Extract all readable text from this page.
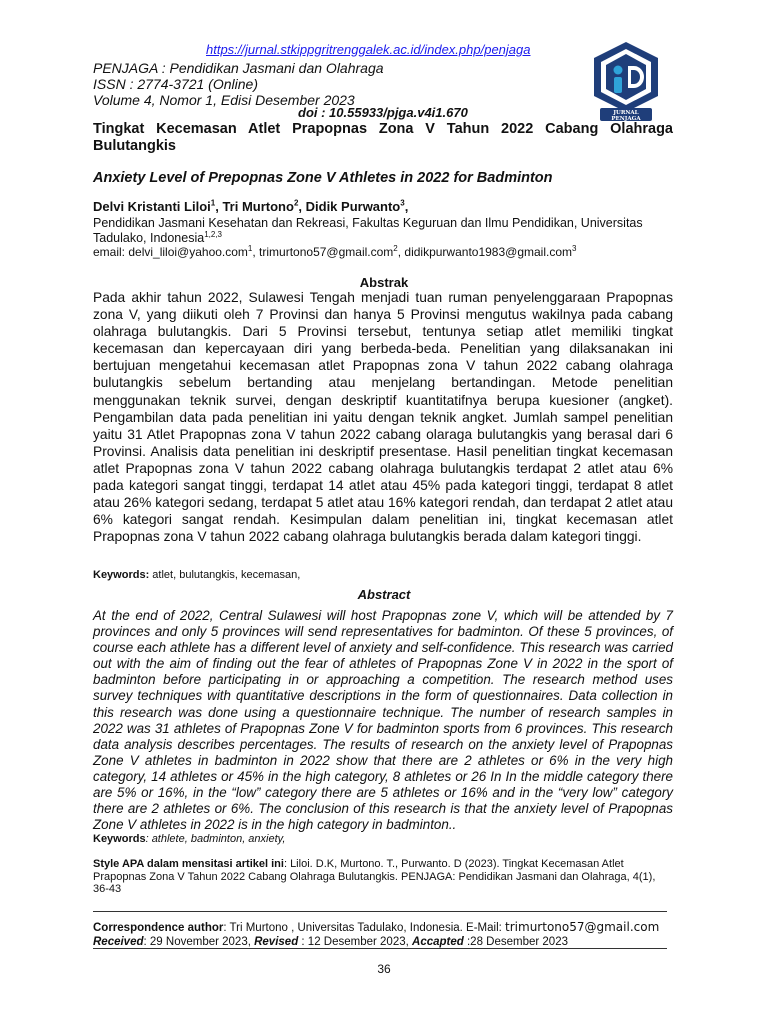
https://jurnal.stkippgritrenggalek.ac.id/index.php/penjaga
PENJAGA : Pendidikan Jasmani dan Olahraga
ISSN : 2774-3721 (Online)
Volume 4, Nomor 1, Edisi Desember 2023
doi : 10.55933/pjga.v4i1.670	JURNAL
PENJAGA
Tingkat Kecemasan Atlet Prapopnas Zona V Tahun 2022 Cabang Olahraga Bulutangkis
Anxiety Level of Prepopnas Zone V Athletes in 2022 for Badminton
Delvi Kristanti Liloi$^1$, Tri Murtono$^2$, Didik Purwanto$^3$,
Pendidikan Jasmani Kesehatan dan Rekreasi, Fakultas Keguruan dan Ilmu Pendidikan, Universitas Tadulako, Indonesia$^{1,2,3}$
email: delvi_liloi@yahoo.com$^1$, trimurtono57@gmail.com$^2$, didikpurwanto1983@gmail.com$^3$
Abstrak
Pada akhir tahun 2022, Sulawesi Tengah menjadi tuan ruman penyelenggaraan Prapopnas zona V, yang diikuti oleh 7 Provinsi dan hanya 5 Provinsi mengutus wakilnya pada cabang olahraga bulutangkis. Dari 5 Provinsi tersebut, tentunya setiap atlet memiliki tingkat kecemasan dan kepercayaan diri yang berbeda-beda. Penelitian yang dilaksanakan ini bertujuan mengetahui kecemasan atlet Prapopnas zona V tahun 2022 cabang olahraga bulutangkis sebelum bertanding atau menjelang bertandingan. Metode penelitian menggunakan teknik survei, dengan deskriptif kuantitatifnya berupa kuesioner (angket). Pengambilan data pada penelitian ini yaitu dengan teknik angket. Jumlah sampel penelitian yaitu 31 Atlet Prapopnas zona V tahun 2022 cabang olaraga bulutangkis yang berasal dari 6 Provinsi. Analisis data penelitian ini deskriptif presentase. Hasil penelitian tingkat kecemasan atlet Prapopnas zona V tahun 2022 cabang olahraga bulutangkis terdapat 2 atlet atau 6% pada kategori sangat tinggi, terdapat 14 atlet atau 45% pada kategori tinggi, terdapat 8 atlet atau 26% kategori sedang, terdapat 5 atlet atau 16% kategori rendah, dan terdapat 2 atlet atau 6% kategori sangat rendah. Kesimpulan dalam penelitian ini, tingkat kecemasan atlet Prapopnas zona V tahun 2022 cabang olahraga bulutangkis berada dalam kategori tinggi.
Keywords: atlet, bulutangkis, kecemasan,
Abstract
At the end of 2022, Central Sulawesi will host Prapopnas zone V, which will be attended by 7 provinces and only 5 provinces will send representatives for badminton. Of these 5 provinces, of course each athlete has a different level of anxiety and self-confidence. This research was carried out with the aim of finding out the fear of athletes of Prapopnas Zone V in 2022 in the sport of badminton before participating in or approaching a competition. The research method uses survey techniques with quantitative descriptions in the form of questionnaires. Data collection in this research was done using a questionnaire technique. The number of research samples in 2022 was 31 athletes of Prapopnas Zone V for badminton sports from 6 provinces. This research data analysis describes percentages. The results of research on the anxiety level of Prapopnas Zone V athletes in badminton in 2022 show that there are 2 athletes or 6% in the very high category, 14 athletes or 45% in the high category, 8 athletes or 26 In In the middle category there are 5% or 16%, in the “low” category there are 5 athletes or 16% and in the “very low” category there are 2 athletes or 6%. The conclusion of this research is that the anxiety level of Prapopnas Zone V athletes in 2022 is in the high category in badminton..
Keywords: athlete, badminton, anxiety,
Style APA dalam mensitasi artikel ini: Liloi. D.K, Murtono. T., Purwanto. D (2023). Tingkat Kecemasan Atlet Prapopnas Zona V Tahun 2022 Cabang Olahraga Bulutangkis. PENJAGA: Pendidikan Jasmani dan Olahraga, 4(1), 36-43
Correspondence author: Tri Murtono , Universitas Tadulako, Indonesia. E-Mail: trimurtono57@gmail.com
Received: 29 November 2023, Revised : 12 Desember 2023, Accapted :28 Desember 2023
36
